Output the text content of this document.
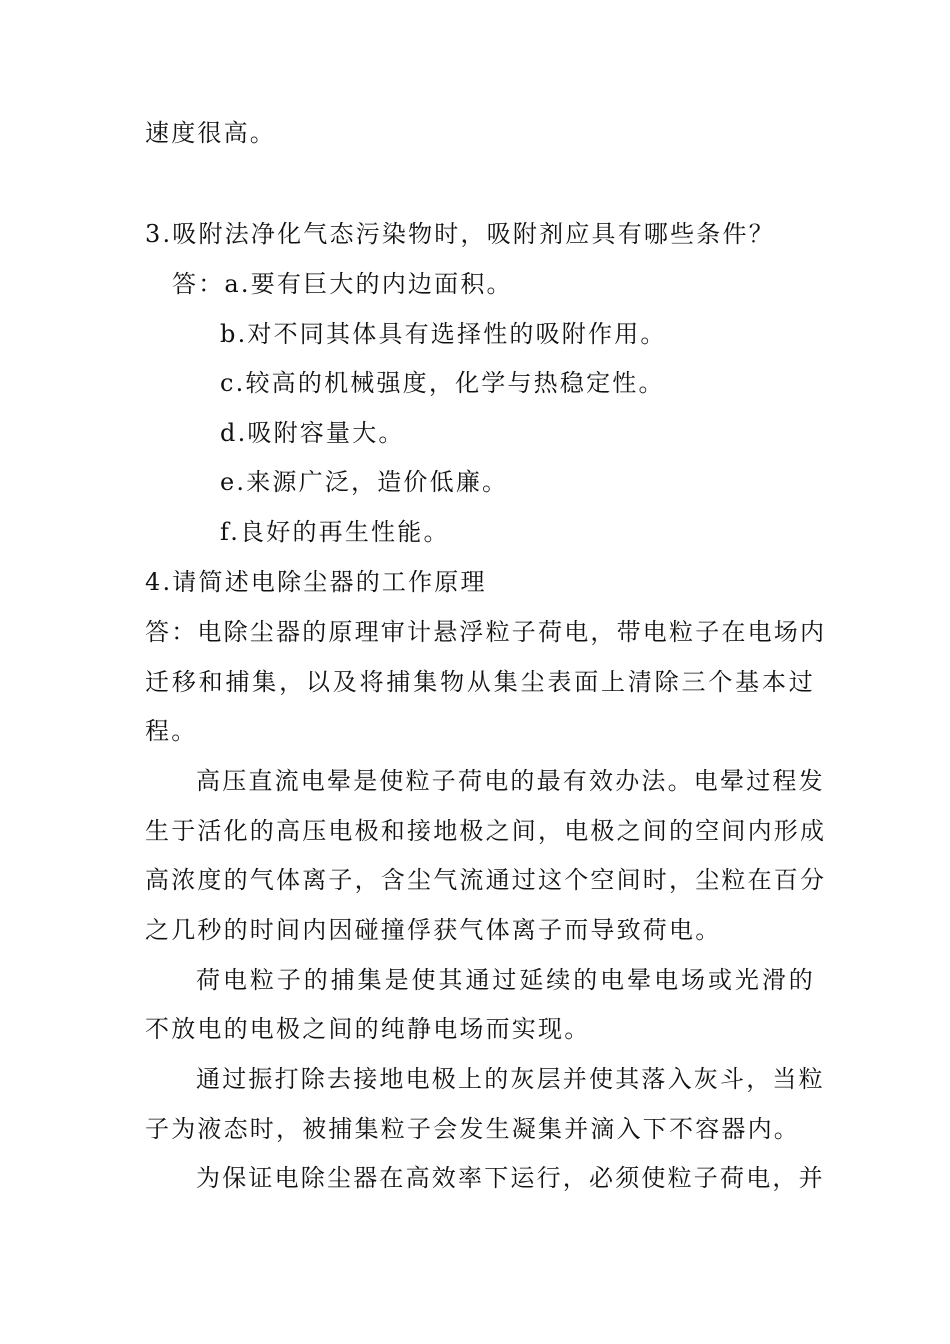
速度很高。
3.吸附法净化气态污染物时，吸附剂应具有哪些条件？
答：a.要有巨大的内边面积。
b.对不同其体具有选择性的吸附作用。
c.较高的机械强度，化学与热稳定性。
d.吸附容量大。
e.来源广泛，造价低廉。
f.良好的再生性能。
4.请简述电除尘器的工作原理
答：电除尘器的原理审计悬浮粒子荷电，带电粒子在电场内
迁移和捕集，以及将捕集物从集尘表面上清除三个基本过
程。
高压直流电晕是使粒子荷电的最有效办法。电晕过程发
生于活化的高压电极和接地极之间，电极之间的空间内形成
高浓度的气体离子，含尘气流通过这个空间时，尘粒在百分
之几秒的时间内因碰撞俘获气体离子而导致荷电。
荷电粒子的捕集是使其通过延续的电晕电场或光滑的
不放电的电极之间的纯静电场而实现。
通过振打除去接地电极上的灰层并使其落入灰斗，当粒
子为液态时，被捕集粒子会发生凝集并滴入下不容器内。
为保证电除尘器在高效率下运行，必须使粒子荷电，并
